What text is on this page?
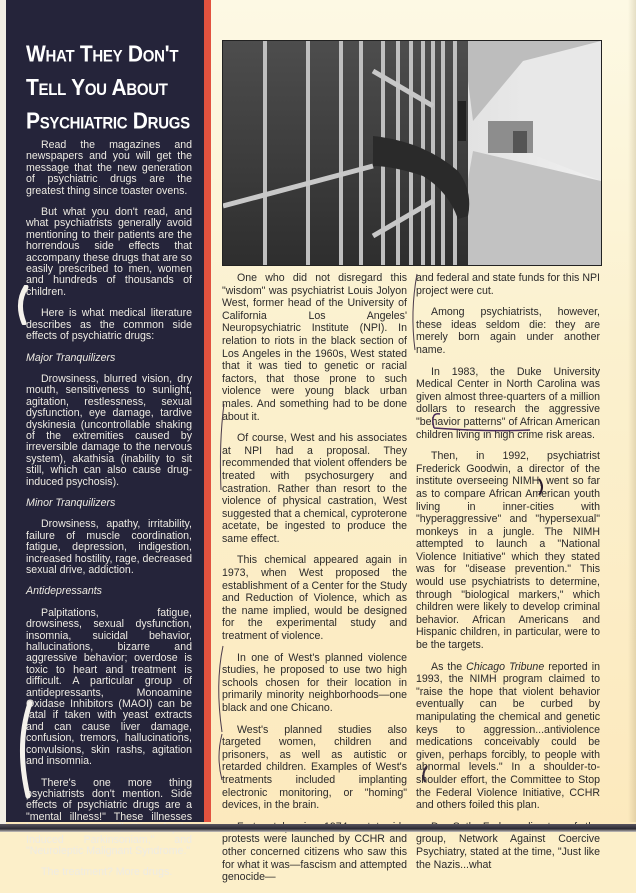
What They Don't
Tell You About
Psychiatric Drugs

Read the magazines and newspapers and you will get the message that the new generation of psychiatric drugs are the greatest thing since toaster ovens.

But what you don't read, and what psychiatrists generally avoid mentioning to their patients are the horrendous side effects that accompany these drugs that are so easily prescribed to men, women and hundreds of thousands of children.

Here is what medical literature describes as the common side effects of psychiatric drugs:

Major Tranquilizers

Drowsiness, blurred vision, dry mouth, sensitiveness to sunlight, agitation, restlessness, sexual dysfunction, eye damage, tardive dyskinesia (uncontrollable shaking of the extremities caused by irreversible damage to the nervous system), akathisia (inability to sit still, which can also cause drug-induced psychosis).

Minor Tranquilizers

Drowsiness, apathy, irritability, failure of muscle coordination, fatigue, depression, indigestion, increased hostility, rage, decreased sexual drive, addiction.

Antidepressants

Palpitations, fatigue, drowsiness, sexual dysfunction, insomnia, suicidal behavior, hallucinations, bizarre and aggressive behavior; overdose is toxic to heart and treatment is difficult. A particular group of antidepressants, Monoamine Oxidase Inhibitors (MAOI) can be fatal if taken with yeast extracts and can cause liver damage, confusion, tremors, hallucinations, convulsions, skin rashs, agitation and insomnia.

There's one more thing psychiatrists don't mention. Side effects of psychiatric drugs are a "mental illness!" These illnesses Induced Parkinsoniam," and "Neuroleptic Malignant Syndrome."

The treatment? More drugs.

One who did not disregard this "wisdom" was psychiatrist Louis Jolyon West, former head of the University of California Los Angeles' Neuropsychiatric Institute (NPI). In relation to riots in the black section of Los Angeles in the 1960s, West stated that it was tied to genetic or racial factors, that those prone to such violence were young black urban males. And something had to be done about it.

Of course, West and his associates at NPI had a proposal. They recommended that violent offenders be treated with psychosurgery and castration. Rather than resort to the violence of physical castration, West suggested that a chemical, cyproterone acetate, be ingested to produce the same effect.

This chemical appeared again in 1973, when West proposed the establishment of a Center for the Study and Reduction of Violence, which as the name implied, would be designed for the experimental study and treatment of violence.

In one of West's planned violence studies, he proposed to use two high schools chosen for their location in primarily minority neighborhoods—one black and one Chicano.

West's planned studies also targeted women, children and prisoners, as well as autistic or retarded children. Examples of West's treatments included implanting electronic monitoring, or "homing" devices, in the brain.

protests were launched by CCHR and other concerned citizens who saw this for what it was—fascism and attempted genocide—

and federal and state funds for this NPI project were cut.

Among psychiatrists, however, these ideas seldom die: they are merely born again under another name.

In 1983, the Duke University Medical Center in North Carolina was given almost three-quarters of a million dollars to research the aggressive "behavior patterns" of African American children living in high crime risk areas.

Then, in 1992, psychiatrist Frederick Goodwin, a director of the institute overseeing NIMH, went so far as to compare African American youth living in inner-cities with "hyperaggressive" and "hypersexual" monkeys in a jungle. The NIMH attempted to launch a "National Violence Initiative" which they stated was for "disease prevention." This would use psychiatrists to determine, through "biological markers," which children were likely to develop criminal behavior. African Americans and Hispanic children, in particular, were to be the targets.

As the Chicago Tribune reported in 1993, the NIMH program claimed to "raise the hope that violent behavior eventually can be curbed by manipulating the chemical and genetic keys to aggression...antiviolence medications conceivably could be given, perhaps forcibly, to people with abnormal levels." In a shoulder-to-shoulder effort, the Committee to Stop the Federal Violence Initiative, CCHR and others foiled this plan.

group, Network Against Coercive Psychiatry, stated at the time, "Just like the Nazis...what
